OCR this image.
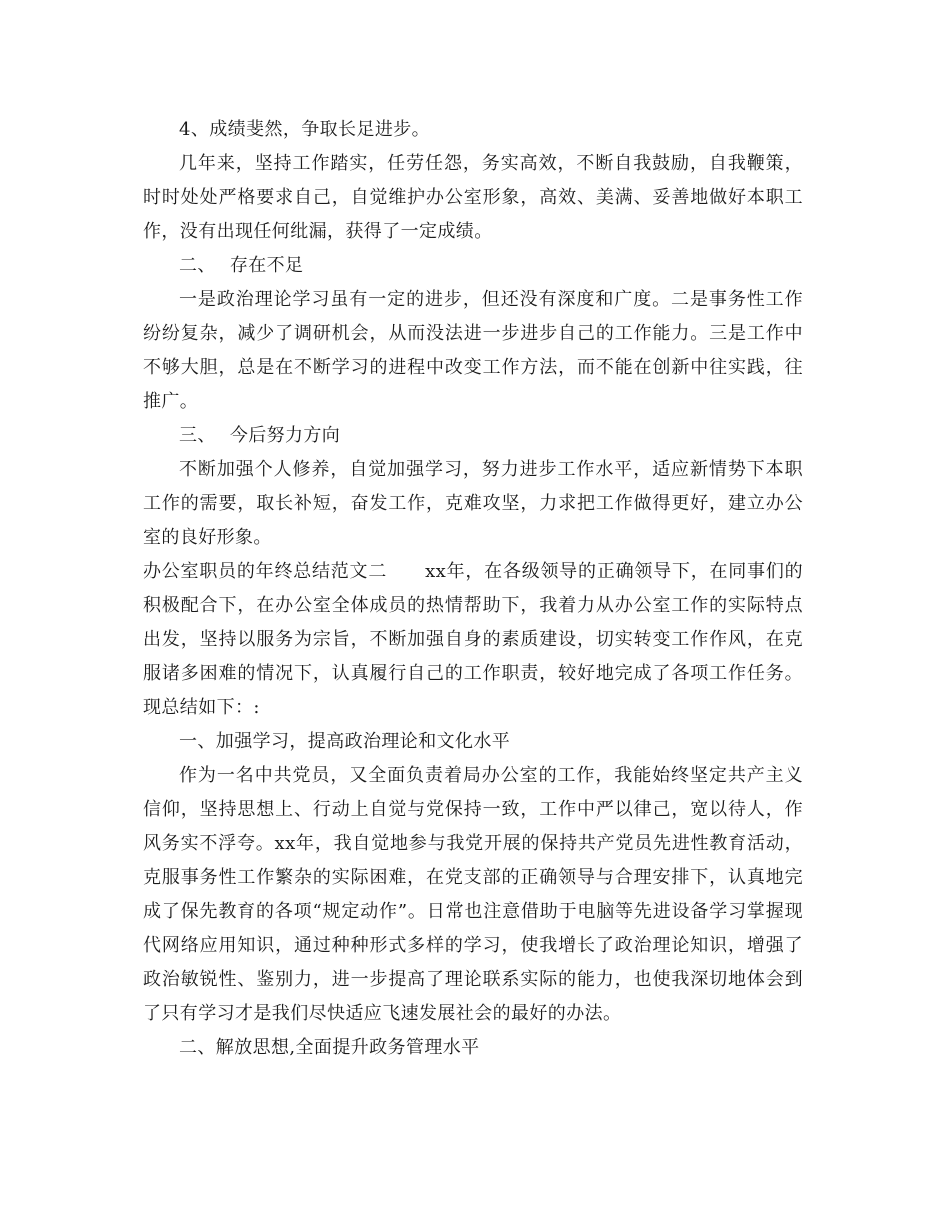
4、成绩斐然，争取长足进步。

几年来，坚持工作踏实，任劳任怨，务实高效，不断自我鼓励，自我鞭策，时时处处严格要求自己，自觉维护办公室形象，高效、美满、妥善地做好本职工作，没有出现任何纰漏，获得了一定成绩。

二、 存在不足

一是政治理论学习虽有一定的进步，但还没有深度和广度。二是事务性工作纷纷复杂，减少了调研机会，从而没法进一步进步自己的工作能力。三是工作中不够大胆，总是在不断学习的进程中改变工作方法，而不能在创新中往实践，往推广。

三、 今后努力方向

不断加强个人修养，自觉加强学习，努力进步工作水平，适应新情势下本职工作的需要，取长补短，奋发工作，克难攻坚，力求把工作做得更好，建立办公室的良好形象。

办公室职员的年终总结范文二 xx年，在各级领导的正确领导下，在同事们的积极配合下，在办公室全体成员的热情帮助下，我着力从办公室工作的实际特点出发，坚持以服务为宗旨，不断加强自身的素质建设，切实转变工作作风，在克服诸多困难的情况下，认真履行自己的工作职责，较好地完成了各项工作任务。现总结如下：:

一、加强学习，提高政治理论和文化水平

作为一名中共党员，又全面负责着局办公室的工作，我能始终坚定共产主义信仰，坚持思想上、行动上自觉与党保持一致，工作中严以律己，宽以待人，作风务实不浮夸。xx年，我自觉地参与我党开展的保持共产党员先进性教育活动，克服事务性工作繁杂的实际困难，在党支部的正确领导与合理安排下，认真地完成了保先教育的各项“规定动作”。日常也注意借助于电脑等先进设备学习掌握现代网络应用知识，通过种种形式多样的学习，使我增长了政治理论知识，增强了政治敏锐性、鉴别力，进一步提高了理论联系实际的能力，也使我深切地体会到了只有学习才是我们尽快适应飞速发展社会的最好的办法。

二、解放思想,全面提升政务管理水平
